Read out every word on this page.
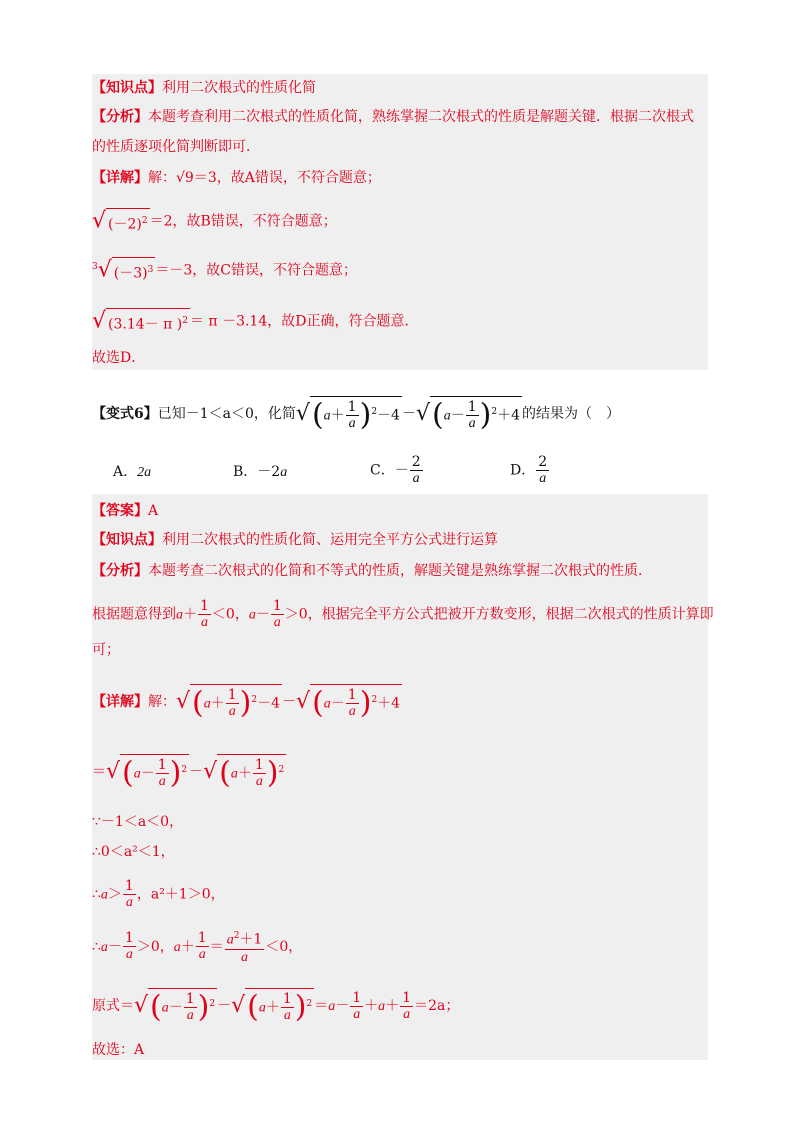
【知识点】利用二次根式的性质化简
【分析】本题考查利用二次根式的性质化简，熟练掌握二次根式的性质是解题关键．根据二次根式
的性质逐项化简判断即可．
【详解】解：√9＝3，故A错误，不符合题意；
√ $(-2)^2 =2$，故B错误，不符合题意；
$^3$√ $(-3)^3 =-3$，故C错误，不符合题意；
√ (3.14－ π )$^2$ ＝ π －3.14，故D正确，符合题意．
故选D．
【变式6】已知－1＜a＜0，化简$√(a+ \frac{1}{a} )^2-4 -√(a- \frac{1}{a} )^2+4$ 的结果为（　）
A．2a	B．－2a	C．－ $\frac{2}{a}$	D． $\frac{2}{a}$
【答案】A
【知识点】利用二次根式的性质化简、运用完全平方公式进行运算
【分析】本题考查二次根式的化简和不等式的性质，解题关键是熟练掌握二次根式的性质．
根据题意得到$a+ \frac{1}{a} <0$，$a- \frac{1}{a} >0$，根据完全平方公式把被开方数变形，根据二次根式的性质计算即
可；
【详解】解：$√(a+ \frac{1}{a} )^2-4 -√(a- \frac{1}{a} )^2+4$
$=√(a- \frac{1}{a} )^2 -√(a+ \frac{1}{a} )^2$
∵－1＜a＜0，
∴0＜a²＜1，
∴a＞ $\frac{1}{a}$ ，a²＋1＞0，
∴a－ $\frac{1}{a} >0$，$a+ \frac{1}{a} = \frac{a^2+1}{a} <0$，
原式$=√(a- \frac{1}{a} )^2 -√(a+ \frac{1}{a} )^2 =a- \frac{1}{a} +a+ \frac{1}{a} =2a$；
故选：A
